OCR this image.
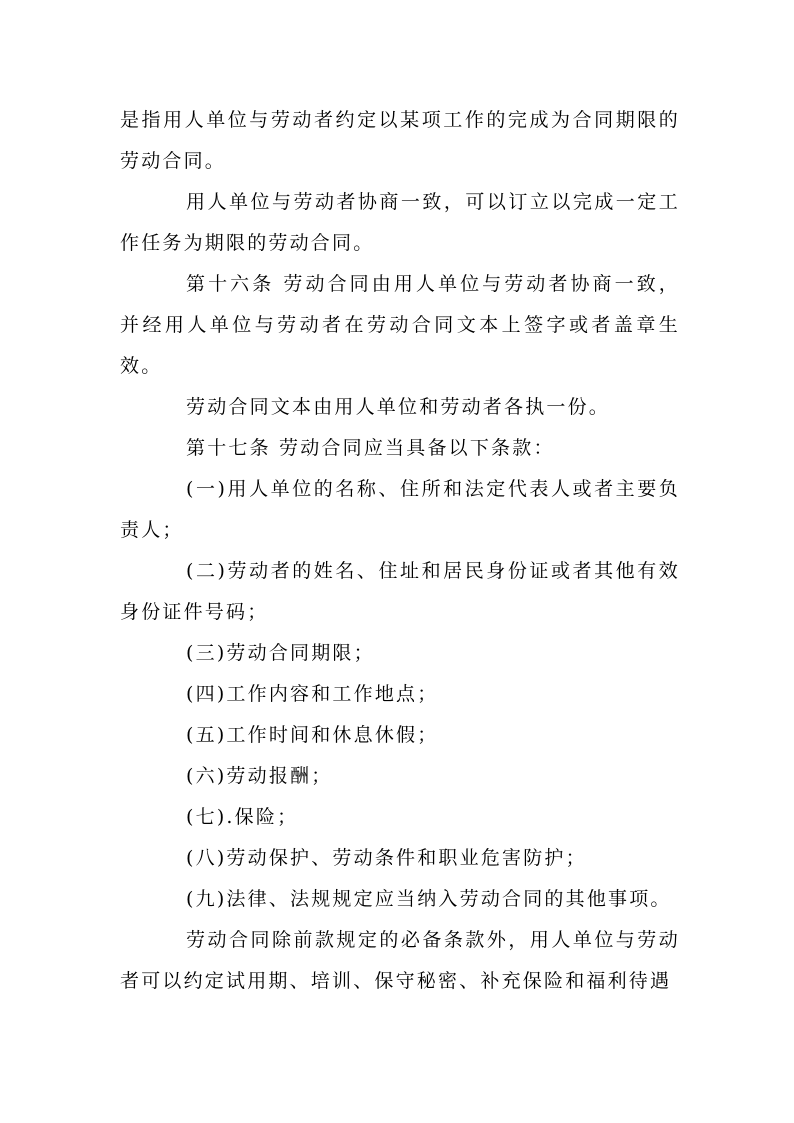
是指用人单位与劳动者约定以某项工作的完成为合同期限的劳动合同。

用人单位与劳动者协商一致，可以订立以完成一定工作任务为期限的劳动合同。

第十六条 劳动合同由用人单位与劳动者协商一致，并经用人单位与劳动者在劳动合同文本上签字或者盖章生效。

劳动合同文本由用人单位和劳动者各执一份。

第十七条 劳动合同应当具备以下条款：

(一)用人单位的名称、住所和法定代表人或者主要负责人；

(二)劳动者的姓名、住址和居民身份证或者其他有效身份证件号码；

(三)劳动合同期限；

(四)工作内容和工作地点；

(五)工作时间和休息休假；

(六)劳动报酬；

(七).保险；

(八)劳动保护、劳动条件和职业危害防护；

(九)法律、法规规定应当纳入劳动合同的其他事项。

劳动合同除前款规定的必备条款外，用人单位与劳动者可以约定试用期、培训、保守秘密、补充保险和福利待遇
